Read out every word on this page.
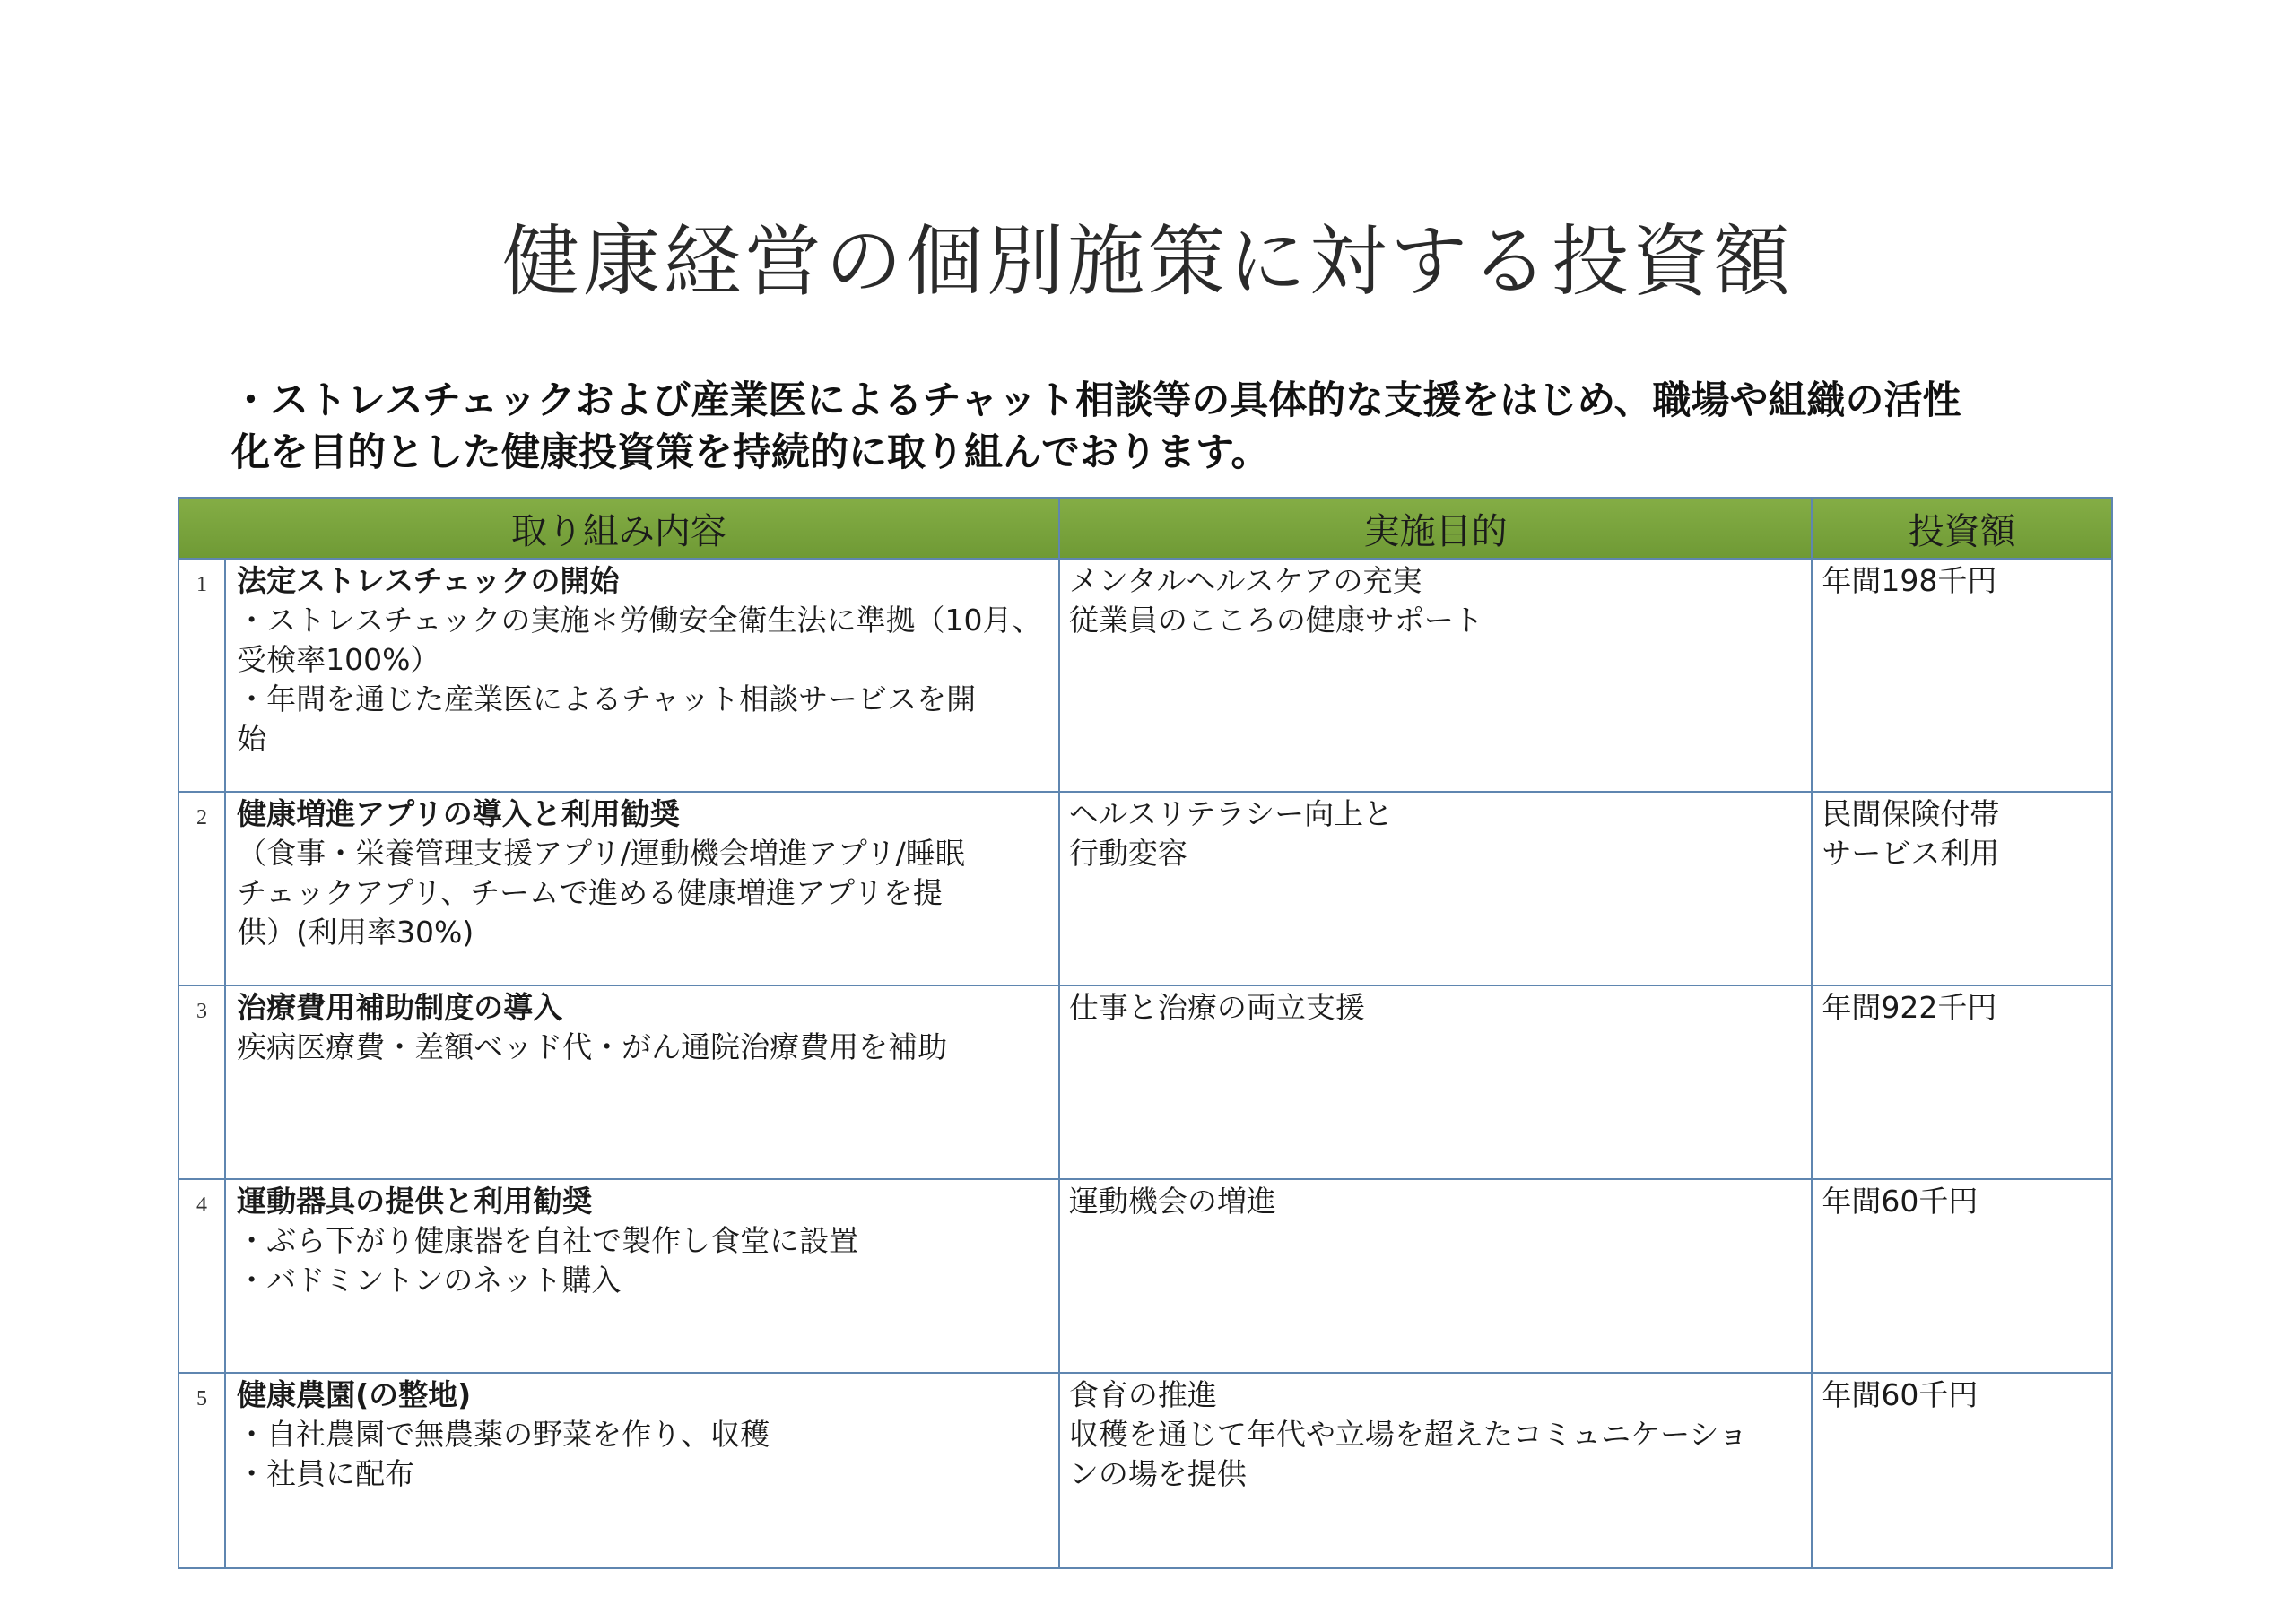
健康経営の個別施策に対する投資額
・ストレスチェックおよび産業医によるチャット相談等の具体的な支援をはじめ、職場や組織の活性
化を目的とした健康投資策を持続的に取り組んでおります。
取り組み内容		実施目的	投資額
1	法定ストレスチェックの開始
・ストレスチェックの実施＊労働安全衛生法に準拠（10月、
受検率100%）
・年間を通じた産業医によるチャット相談サービスを開
始	メンタルヘルスケアの充実
従業員のこころの健康サポート	年間198千円

2	健康増進アプリの導入と利用勧奨
（食事・栄養管理支援アプリ/運動機会増進アプリ/睡眠
チェックアプリ、チームで進める健康増進アプリを提
供）(利用率30%)	ヘルスリテラシー向上と
行動変容	民間保険付帯
サービス利用

3	治療費用補助制度の導入
疾病医療費・差額ベッド代・がん通院治療費用を補助	仕事と治療の両立支援	年間922千円

4	運動器具の提供と利用勧奨
・ぶら下がり健康器を自社で製作し食堂に設置
・バドミントンのネット購入	運動機会の増進	年間60千円

5	健康農園(の整地)
・自社農園で無農薬の野菜を作り、収穫
・社員に配布	食育の推進
収穫を通じて年代や立場を超えたコミュニケーショ
ンの場を提供	年間60千円
